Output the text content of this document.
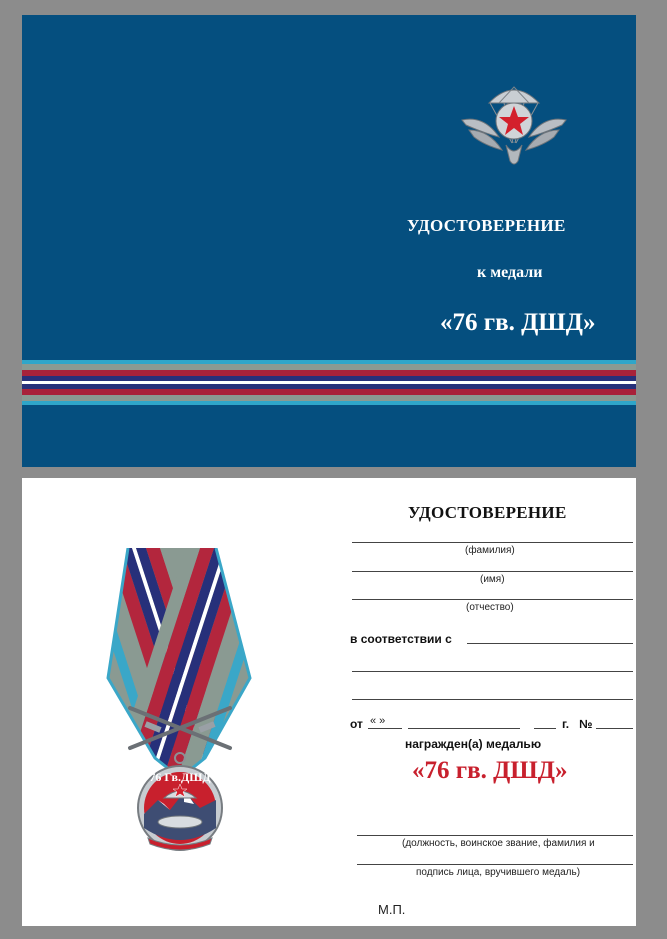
УДОСТОВЕРЕНИЕ
к медали
«76 гв. ДШД»
76 Гв.ДШД
УДОСТОВЕРЕНИЕ
(фамилия)
(имя)
(отчество)
в соответствии с
от « »	г. №
награжден(а) медалью
«76 гв. ДШД»
(должность, воинское звание, фамилия и
подпись лица, вручившего медаль)
М.П.
